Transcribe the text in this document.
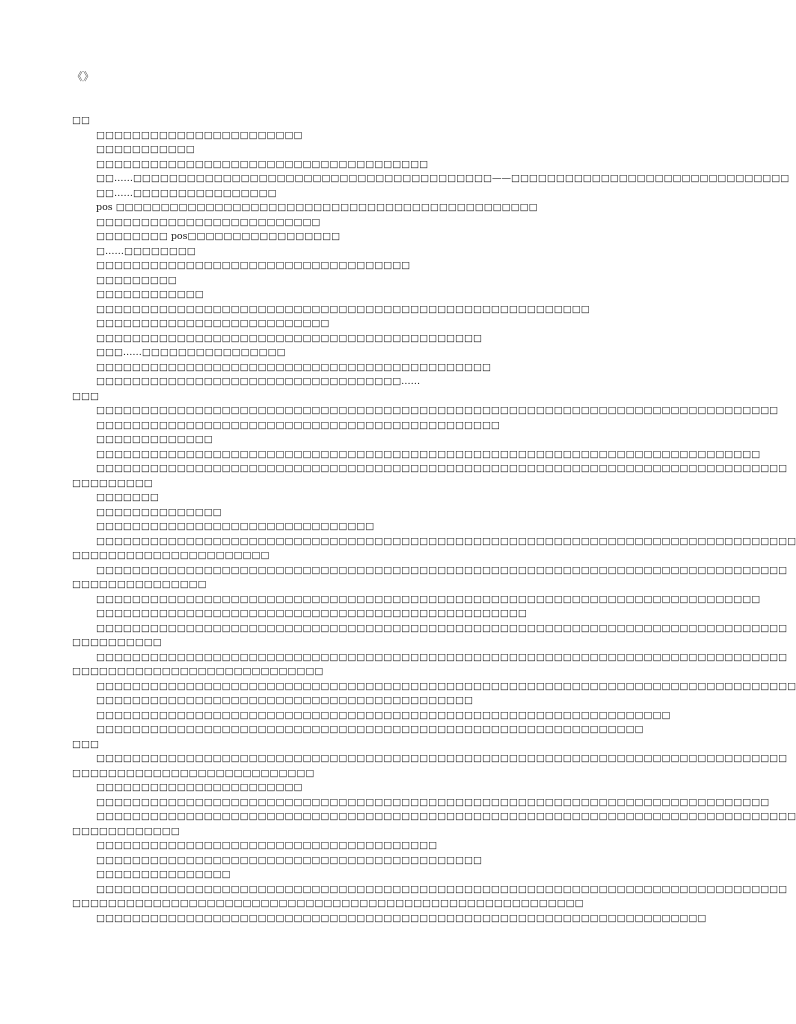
《》
□□
□□□□□□□□□□□□□□□□□□□□□□□
□□□□□□□□□□□
□□□□□□□□□□□□□□□□□□□□□□□□□□□□□□□□□□□□□
□□……□□□□□□□□□□□□□□□□□□□□□□□□□□□□□□□□□□□□□□□□——□□□□□□□□□□□□□□□□□□□□□□□□□□□□□□□
□□……□□□□□□□□□□□□□□□□
pos □□□□□□□□□□□□□□□□□□□□□□□□□□□□□□□□□□□□□□□□□□□□□□□
□□□□□□□□□□□□□□□□□□□□□□□□□
□□□□□□□□ pos□□□□□□□□□□□□□□□□□
□……□□□□□□□□
□□□□□□□□□□□□□□□□□□□□□□□□□□□□□□□□□□□
□□□□□□□□□
□□□□□□□□□□□□
□□□□□□□□□□□□□□□□□□□□□□□□□□□□□□□□□□□□□□□□□□□□□□□□□□□□□□□
□□□□□□□□□□□□□□□□□□□□□□□□□□
□□□□□□□□□□□□□□□□□□□□□□□□□□□□□□□□□□□□□□□□□□□
□□□……□□□□□□□□□□□□□□□□
□□□□□□□□□□□□□□□□□□□□□□□□□□□□□□□□□□□□□□□□□□□□
□□□□□□□□□□□□□□□□□□□□□□□□□□□□□□□□□□……
□□□
□□□□□□□□□□□□□□□□□□□□□□□□□□□□□□□□□□□□□□□□□□□□□□□□□□□□□□□□□□□□□□□□□□□□□□□□□□□□
□□□□□□□□□□□□□□□□□□□□□□□□□□□□□□□□□□□□□□□□□□□□□
□□□□□□□□□□□□□
□□□□□□□□□□□□□□□□□□□□□□□□□□□□□□□□□□□□□□□□□□□□□□□□□□□□□□□□□□□□□□□□□□□□□□□□□□
□□□□□□□□□□□□□□□□□□□□□□□□□□□□□□□□□□□□□□□□□□□□□□□□□□□□□□□□□□□□□□□□□□□□□□□□□□□□□
□□□□□□□□□
□□□□□□□
□□□□□□□□□□□□□□
□□□□□□□□□□□□□□□□□□□□□□□□□□□□□□□
□□□□□□□□□□□□□□□□□□□□□□□□□□□□□□□□□□□□□□□□□□□□□□□□□□□□□□□□□□□□□□□□□□□□□□□□□□□□□□
□□□□□□□□□□□□□□□□□□□□□□
□□□□□□□□□□□□□□□□□□□□□□□□□□□□□□□□□□□□□□□□□□□□□□□□□□□□□□□□□□□□□□□□□□□□□□□□□□□□□
□□□□□□□□□□□□□□□
□□□□□□□□□□□□□□□□□□□□□□□□□□□□□□□□□□□□□□□□□□□□□□□□□□□□□□□□□□□□□□□□□□□□□□□□□□
□□□□□□□□□□□□□□□□□□□□□□□□□□□□□□□□□□□□□□□□□□□□□□□□
□□□□□□□□□□□□□□□□□□□□□□□□□□□□□□□□□□□□□□□□□□□□□□□□□□□□□□□□□□□□□□□□□□□□□□□□□□□□□
□□□□□□□□□□
□□□□□□□□□□□□□□□□□□□□□□□□□□□□□□□□□□□□□□□□□□□□□□□□□□□□□□□□□□□□□□□□□□□□□□□□□□□□□
□□□□□□□□□□□□□□□□□□□□□□□□□□□□
□□□□□□□□□□□□□□□□□□□□□□□□□□□□□□□□□□□□□□□□□□□□□□□□□□□□□□□□□□□□□□□□□□□□□□□□□□□□□□
□□□□□□□□□□□□□□□□□□□□□□□□□□□□□□□□□□□□□□□□□□
□□□□□□□□□□□□□□□□□□□□□□□□□□□□□□□□□□□□□□□□□□□□□□□□□□□□□□□□□□□□□□□□
□□□□□□□□□□□□□□□□□□□□□□□□□□□□□□□□□□□□□□□□□□□□□□□□□□□□□□□□□□□□□
□□□
□□□□□□□□□□□□□□□□□□□□□□□□□□□□□□□□□□□□□□□□□□□□□□□□□□□□□□□□□□□□□□□□□□□□□□□□□□□□□
□□□□□□□□□□□□□□□□□□□□□□□□□□□
□□□□□□□□□□□□□□□□□□□□□□□
□□□□□□□□□□□□□□□□□□□□□□□□□□□□□□□□□□□□□□□□□□□□□□□□□□□□□□□□□□□□□□□□□□□□□□□□□□□
□□□□□□□□□□□□□□□□□□□□□□□□□□□□□□□□□□□□□□□□□□□□□□□□□□□□□□□□□□□□□□□□□□□□□□□□□□□□□□
□□□□□□□□□□□□
□□□□□□□□□□□□□□□□□□□□□□□□□□□□□□□□□□□□□□
□□□□□□□□□□□□□□□□□□□□□□□□□□□□□□□□□□□□□□□□□□□
□□□□□□□□□□□□□□□
□□□□□□□□□□□□□□□□□□□□□□□□□□□□□□□□□□□□□□□□□□□□□□□□□□□□□□□□□□□□□□□□□□□□□□□□□□□□□
□□□□□□□□□□□□□□□□□□□□□□□□□□□□□□□□□□□□□□□□□□□□□□□□□□□□□□□□□
□□□□□□□□□□□□□□□□□□□□□□□□□□□□□□□□□□□□□□□□□□□□□□□□□□□□□□□□□□□□□□□□□□□□
